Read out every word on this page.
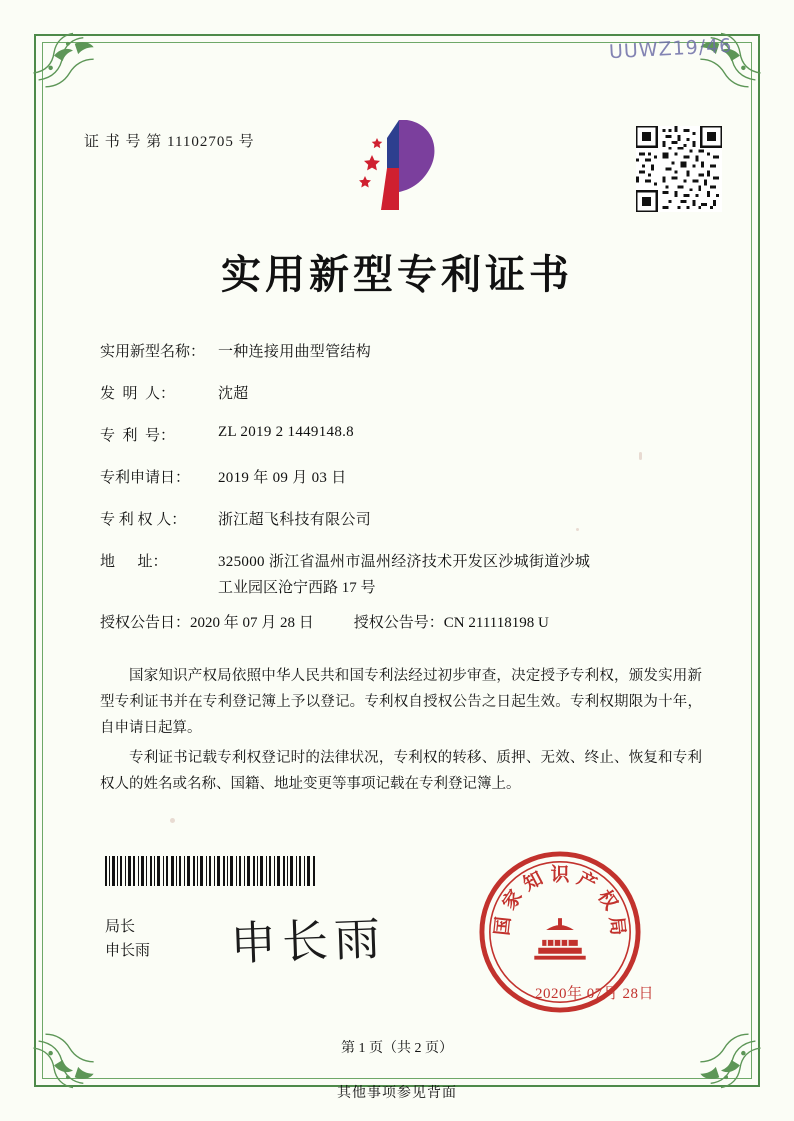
UUWZ19/46
证 书 号 第 11102705 号
实用新型专利证书
实用新型名称： 一种连接用曲型管结构
发  明  人：	沈超
专  利  号：	ZL 2019 2 1449148.8
专利申请日：	2019 年 09 月 03 日
专 利 权 人：	浙江超飞科技有限公司
地      址：	325000 浙江省温州市温州经济技术开发区沙城街道沙城
工业园区沧宁西路 17 号
授权公告日：2020 年 07 月 28 日	授权公告号：CN 211118198 U

国家知识产权局依照中华人民共和国专利法经过初步审查，决定授予专利权，颁发实用新型专利证书并在专利登记簿上予以登记。专利权自授权公告之日起生效。专利权期限为十年，自申请日起算。

专利证书记载专利权登记时的法律状况，专利权的转移、质押、无效、终止、恢复和专利权人的姓名或名称、国籍、地址变更等事项记载在专利登记簿上。

局长
申长雨 申长雨
识
知
家
国
产
权
局
2020年 07月 28日
第 1 页（共 2 页）
其他事项参见背面
